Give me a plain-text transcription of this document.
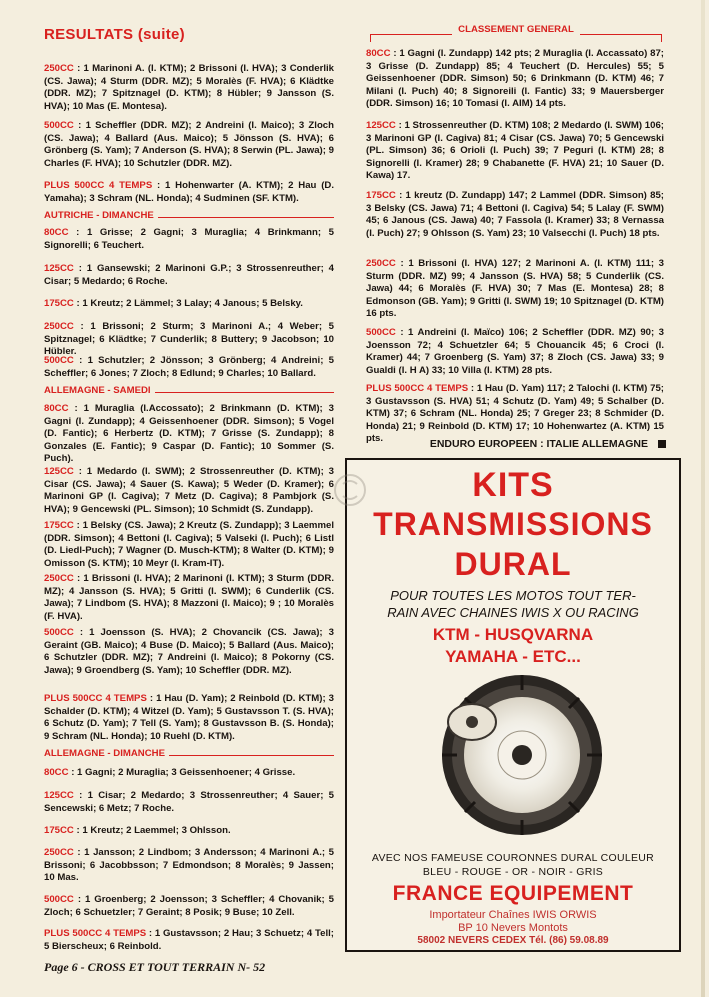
RESULTATS (suite)
250CC : 1 Marinoni A. (I. KTM); 2 Brissoni (I. HVA); 3 Conderlik (CS. Jawa); 4 Sturm (DDR. MZ); 5 Moralès (F. HVA); 6 Klädtke (DDR. MZ); 7 Spitznagel (D. KTM); 8 Hübler; 9 Jansson (S. HVA); 10 Mas (E. Montesa).
500CC : 1 Scheffler (DDR. MZ); 2 Andreini (I. Maico); 3 Zloch (CS. Jawa); 4 Ballard (Aus. Maico); 5 Jönsson (S. HVA); 6 Grönberg (S. Yam); 7 Anderson (S. HVA); 8 Serwin (PL. Jawa); 9 Charles (F. HVA); 10 Schutzler (DDR. MZ).
PLUS 500CC 4 TEMPS : 1 Hohenwarter (A. KTM); 2 Hau (D. Yamaha); 3 Schram (NL. Honda); 4 Sudminen (SF. KTM).
AUTRICHE - DIMANCHE
80CC : 1 Grisse; 2 Gagni; 3 Muraglia; 4 Brinkmann; 5 Signorelli; 6 Teuchert.
125CC : 1 Gansewski; 2 Marinoni G.P.; 3 Strossenreuther; 4 Cisar; 5 Medardo; 6 Roche.
175CC : 1 Kreutz; 2 Lämmel; 3 Lalay; 4 Janous; 5 Belsky.
250CC : 1 Brissoni; 2 Sturm; 3 Marinoni A.; 4 Weber; 5 Spitznagel; 6 Klädtke; 7 Cunderlik; 8 Buttery; 9 Jacobson; 10 Hübler.
500CC : 1 Schutzler; 2 Jönsson; 3 Grönberg; 4 Andreini; 5 Scheffler; 6 Jones; 7 Zloch; 8 Edlund; 9 Charles; 10 Ballard.
ALLEMAGNE - SAMEDI
80CC : 1 Muraglia (I.Accossato); 2 Brinkmann (D. KTM); 3 Gagni (I. Zundapp); 4 Geissenhoener (DDR. Simson); 5 Vogel (D. Fantic); 6 Herbertz (D. KTM); 7 Grisse (S. Zundapp); 8 Gonzales (E. Fantic); 9 Caspar (D. Fantic); 10 Sommer (S. Puch).
125CC : 1 Medardo (I. SWM); 2 Strossenreuther (D. KTM); 3 Cisar (CS. Jawa); 4 Sauer (S. Kawa); 5 Weder (D. Kramer); 6 Marinoni GP (I. Cagiva); 7 Metz (D. Cagiva); 8 Pambjork (S. HVA); 9 Gencewski (PL. Simson); 10 Schmidt (S. Zundapp).
175CC : 1 Belsky (CS. Jawa); 2 Kreutz (S. Zundapp); 3 Laemmel (DDR. Simson); 4 Bettoni (I. Cagiva); 5 Valseki (I. Puch); 6 Listl (D. Liedl-Puch); 7 Wagner (D. Musch-KTM); 8 Walter (D. KTM); 9 Omisson (S. KTM); 10 Meyr (I. Kram-IT).
250CC : 1 Brissoni (I. HVA); 2 Marinoni (I. KTM); 3 Sturm (DDR. MZ); 4 Jansson (S. HVA); 5 Gritti (I. SWM); 6 Cunderlik (CS. Jawa); 7 Lindbom (S. HVA); 8 Mazzoni (I. Maico); 9 ; 10 Moralès (F. HVA).
500CC : 1 Joensson (S. HVA); 2 Chovancik (CS. Jawa); 3 Geraint (GB. Maico); 4 Buse (D. Maico); 5 Ballard (Aus. Maico); 6 Schutzler (DDR. MZ); 7 Andreini (I. Maico); 8 Pokorny (CS. Jawa); 9 Groendberg (S. Yam); 10 Scheffler (DDR. MZ).
PLUS 500CC 4 TEMPS : 1 Hau (D. Yam); 2 Reinbold (D. KTM); 3 Schalder (D. KTM); 4 Witzel (D. Yam); 5 Gustavsson T. (S. HVA); 6 Schutz (D. Yam); 7 Tell (S. Yam); 8 Gustavsson B. (S. Honda); 9 Schram (NL. Honda); 10 Ruehl (D. KTM).
ALLEMAGNE - DIMANCHE
80CC : 1 Gagni; 2 Muraglia; 3 Geissenhoener; 4 Grisse.
125CC : 1 Cisar; 2 Medardo; 3 Strossenreuther; 4 Sauer; 5 Sencewski; 6 Metz; 7 Roche.
175CC : 1 Kreutz; 2 Laemmel; 3 Ohlsson.
250CC : 1 Jansson; 2 Lindbom; 3 Andersson; 4 Marinoni A.; 5 Brissoni; 6 Jacobbsson; 7 Edmondson; 8 Moralès; 9 Jassen; 10 Mas.
500CC : 1 Groenberg; 2 Joensson; 3 Scheffler; 4 Chovanik; 5 Zloch; 6 Schuetzler; 7 Geraint; 8 Posik; 9 Buse; 10 Zell.
PLUS 500CC 4 TEMPS : 1 Gustavsson; 2 Hau; 3 Schuetz; 4 Tell; 5 Bierscheux; 6 Reinbold.
CLASSEMENT GENERAL
80CC : 1 Gagni (I. Zundapp) 142 pts; 2 Muraglia (I. Accassato) 87; 3 Grisse (D. Zundapp) 85; 4 Teuchert (D. Hercules) 55; 5 Geissenhoener (DDR. Simson) 50; 6 Drinkmann (D. KTM) 46; 7 Milani (I. Puch) 40; 8 Signoreili (I. Fantic) 33; 9 Mauersberger (DDR. Simson) 16; 10 Tomasi (I. AIM) 14 pts.
125CC : 1 Strossenreuther (D. KTM) 108; 2 Medardo (I. SWM) 106; 3 Marinoni GP (I. Cagiva) 81; 4 Cisar (CS. Jawa) 70; 5 Gencewski (PL. Simson) 36; 6 Orioli (I. Puch) 39; 7 Peguri (I. KTM) 28; 8 Signorelli (I. Kramer) 28; 9 Chabanette (F. HVA) 21; 10 Sauer (D. Kawa) 17.
175CC : 1 kreutz (D. Zundapp) 147; 2 Lammel (DDR. Simson) 85; 3 Belsky (CS. Jawa) 71; 4 Bettoni (I. Cagiva) 54; 5 Lalay (F. SWM) 45; 6 Janous (CS. Jawa) 40; 7 Fassola (I. Kramer) 33; 8 Vernassa (I. Puch) 27; 9 Ohlsson (S. Yam) 23; 10 Valsecchi (I. Puch) 18 pts.
250CC : 1 Brissoni (I. HVA) 127; 2 Marinoni A. (I. KTM) 111; 3 Sturm (DDR. MZ) 99; 4 Jansson (S. HVA) 58; 5 Cunderlik (CS. Jawa) 44; 6 Moralès (F. HVA) 30; 7 Mas (E. Montesa) 28; 8 Edmonson (GB. Yam); 9 Gritti (I. SWM) 19; 10 Spitznagel (D. KTM) 16 pts.
500CC : 1 Andreini (I. Maïco) 106; 2 Scheffler (DDR. MZ) 90; 3 Joensson 72; 4 Schuetzler 64; 5 Chouancik 45; 6 Croci (I. Kramer) 44; 7 Groenberg (S. Yam) 37; 8 Zloch (CS. Jawa) 33; 9 Gualdi (I. H A) 33; 10 Villa (I. KTM) 28 pts.
PLUS 500CC 4 TEMPS : 1 Hau (D. Yam) 117; 2 Talochi (I. KTM) 75; 3 Gustavsson (S. HVA) 51; 4 Schutz (D. Yam) 49; 5 Schalber (D. KTM) 37; 6 Schram (NL. Honda) 25; 7 Greger 23; 8 Schmider (D. Honda) 21; 9 Reinbold (D. KTM) 17; 10 Hohenwartez (A. KTM) 15 pts.	ENDURO EUROPEEN : ITALIE ALLEMAGNE
KITS
TRANSMISSIONS
DURAL
POUR TOUTES LES MOTOS TOUT TER-
RAIN AVEC CHAINES IWIS X OU RACING
KTM - HUSQVARNA
YAMAHA - ETC...
AVEC NOS FAMEUSE COURONNES DURAL COULEUR
BLEU - ROUGE - OR - NOIR - GRIS
FRANCE EQUIPEMENT
Importateur Chaînes IWIS ORWIS
BP 10 Nevers Montots
58002 NEVERS CEDEX Tél. (86) 59.08.89
Page 6 - CROSS ET TOUT TERRAIN N- 52
